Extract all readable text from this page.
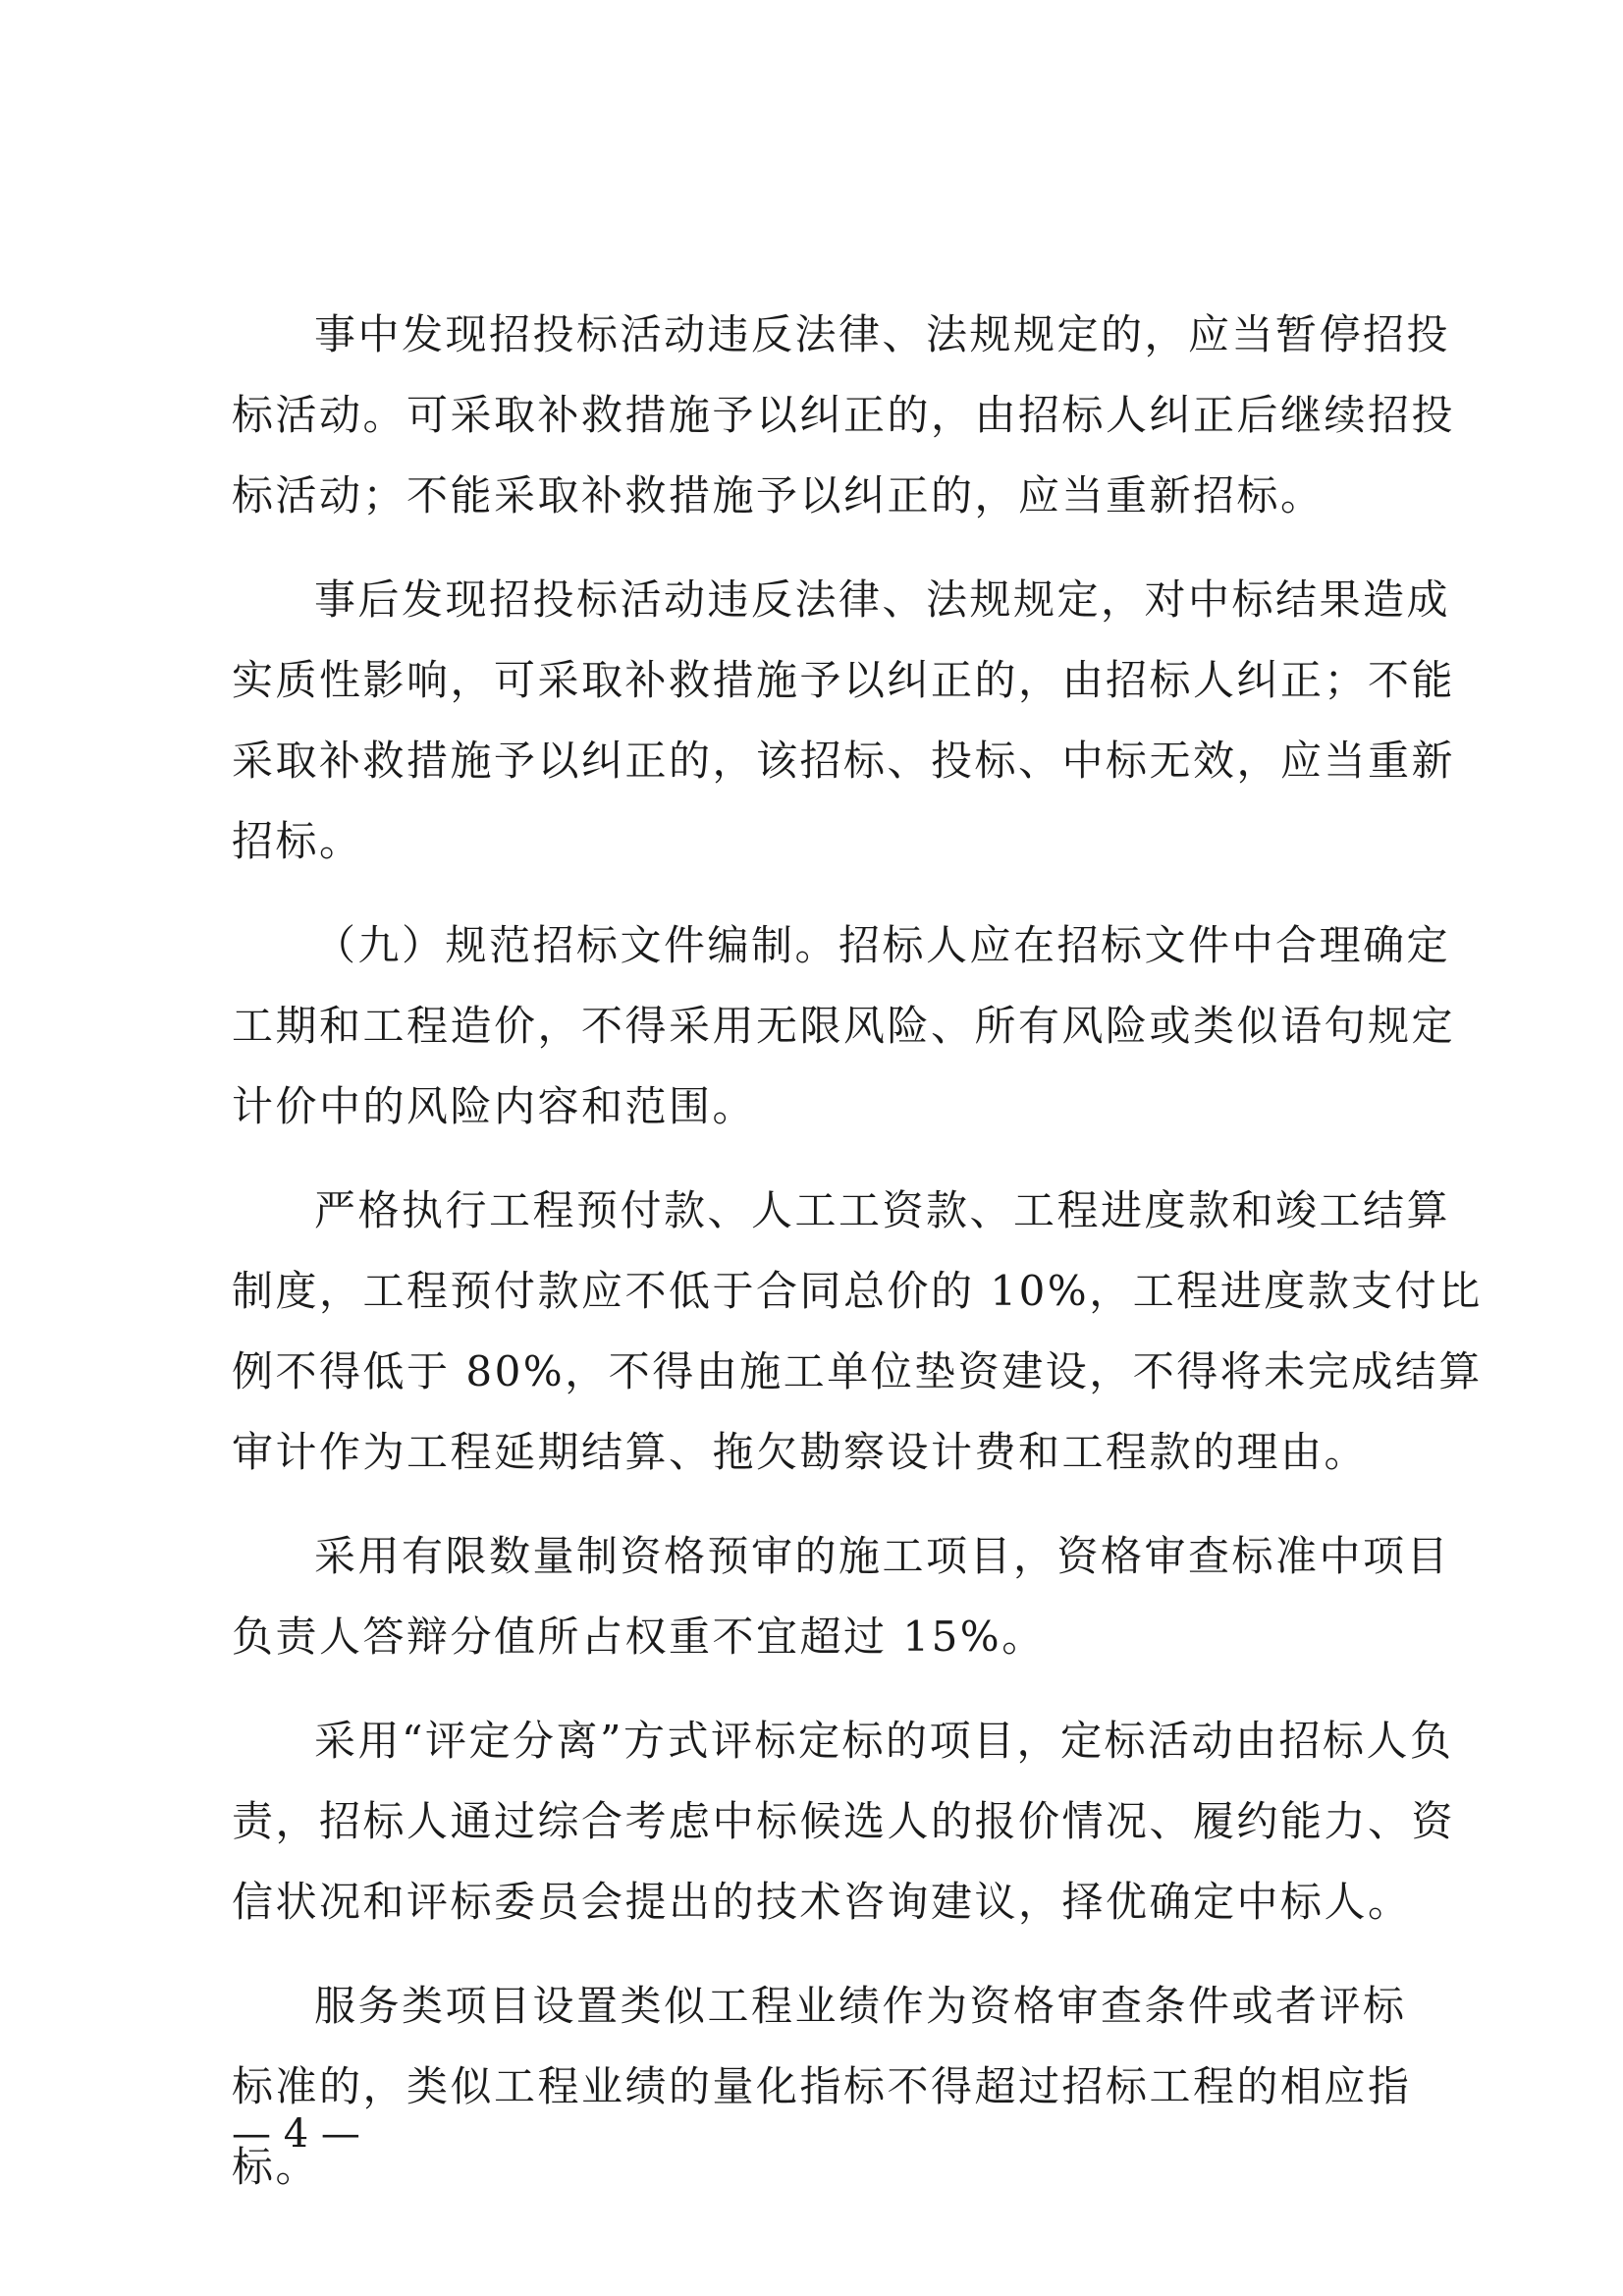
事中发现招投标活动违反法律、法规规定的，应当暂停招投
标活动。可采取补救措施予以纠正的，由招标人纠正后继续招投
标活动；不能采取补救措施予以纠正的，应当重新招标。

事后发现招投标活动违反法律、法规规定，对中标结果造成
实质性影响，可采取补救措施予以纠正的，由招标人纠正；不能
采取补救措施予以纠正的，该招标、投标、中标无效，应当重新
招标。

（九）规范招标文件编制。招标人应在招标文件中合理确定
工期和工程造价，不得采用无限风险、所有风险或类似语句规定
计价中的风险内容和范围。

严格执行工程预付款、人工工资款、工程进度款和竣工结算
制度，工程预付款应不低于合同总价的 10%，工程进度款支付比
例不得低于 80%，不得由施工单位垫资建设，不得将未完成结算
审计作为工程延期结算、拖欠勘察设计费和工程款的理由。

采用有限数量制资格预审的施工项目，资格审查标准中项目
负责人答辩分值所占权重不宜超过 15%。

采用“评定分离”方式评标定标的项目，定标活动由招标人负
责，招标人通过综合考虑中标候选人的报价情况、履约能力、资
信状况和评标委员会提出的技术咨询建议，择优确定中标人。

服务类项目设置类似工程业绩作为资格审查条件或者评标
标准的，类似工程业绩的量化指标不得超过招标工程的相应指
标。

— 4 —
